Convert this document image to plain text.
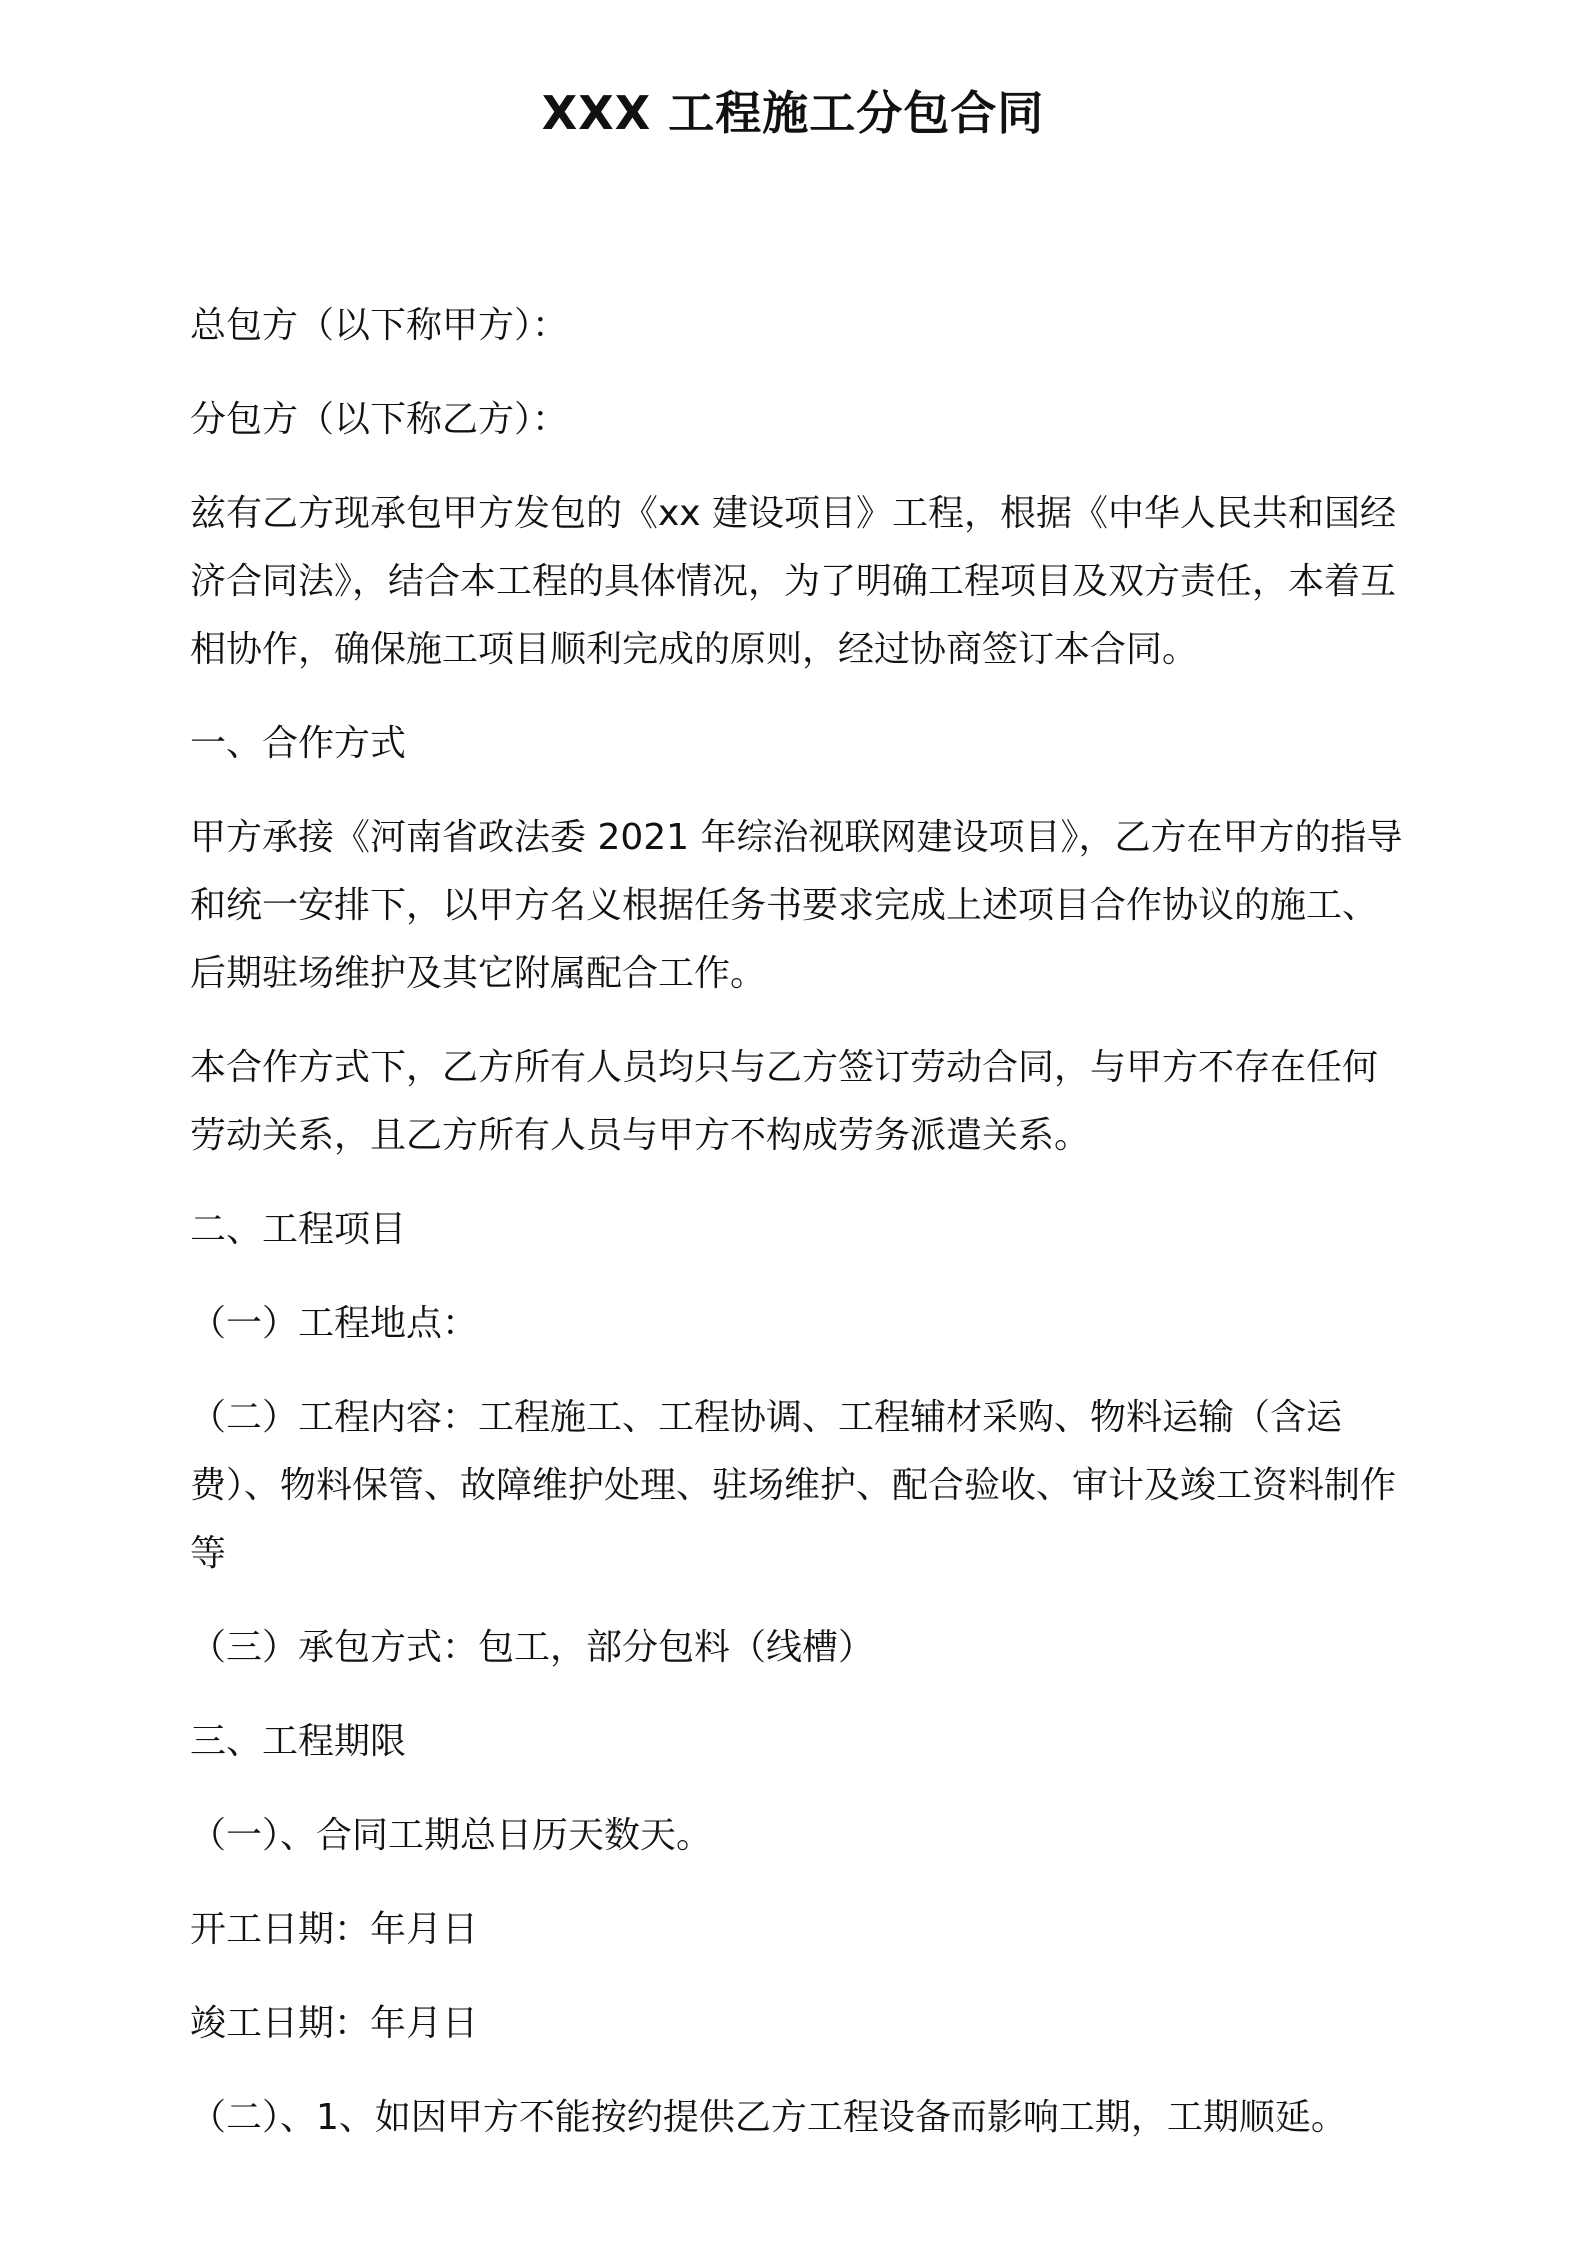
XXX 工程施工分包合同

总包方（以下称甲方）：

分包方（以下称乙方）：

兹有乙方现承包甲方发包的《xx 建设项目》工程，根据《中华人民共和国经济合同法》，结合本工程的具体情况，为了明确工程项目及双方责任，本着互相协作，确保施工项目顺利完成的原则，经过协商签订本合同。

一、合作方式

甲方承接《河南省政法委 2021 年综治视联网建设项目》，乙方在甲方的指导和统一安排下，以甲方名义根据任务书要求完成上述项目合作协议的施工、后期驻场维护及其它附属配合工作。

本合作方式下，乙方所有人员均只与乙方签订劳动合同，与甲方不存在任何劳动关系，且乙方所有人员与甲方不构成劳务派遣关系。

二、工程项目

（一）工程地点：

（二）工程内容：工程施工、工程协调、工程辅材采购、物料运输（含运费）、物料保管、故障维护处理、驻场维护、配合验收、审计及竣工资料制作等

（三）承包方式：包工，部分包料（线槽）

三、工程期限

（一）、合同工期总日历天数天。

开工日期：年月日

竣工日期：年月日

（二）、1、如因甲方不能按约提供乙方工程设备而影响工期，工期顺延。
